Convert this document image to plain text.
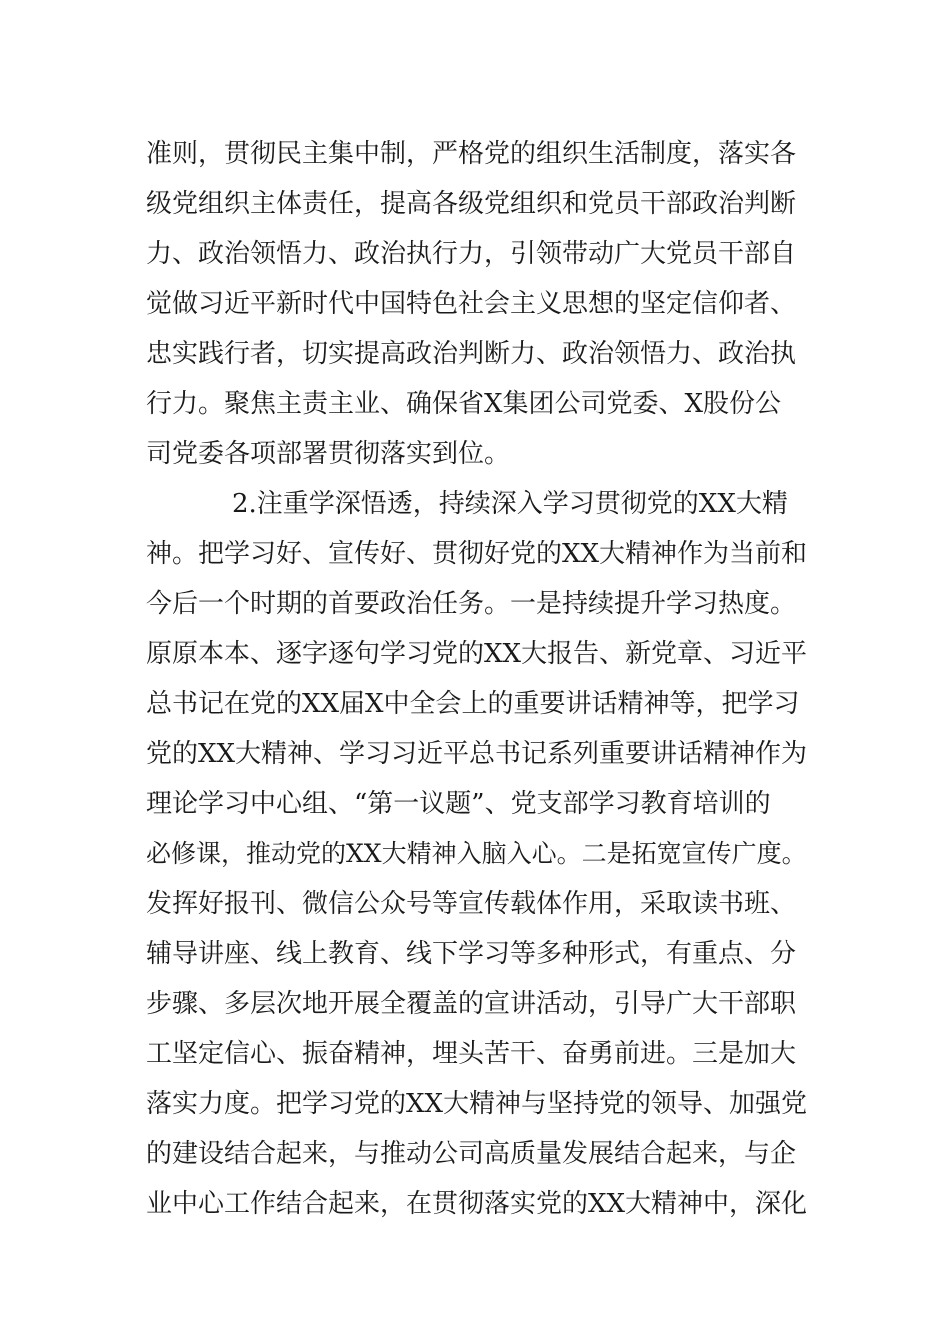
准则，贯彻民主集中制，严格党的组织生活制度，落实各

级党组织主体责任，提高各级党组织和党员干部政治判断

力、政治领悟力、政治执行力，引领带动广大党员干部自

觉做习近平新时代中国特色社会主义思想的坚定信仰者、

忠实践行者，切实提高政治判断力、政治领悟力、政治执

行力。聚焦主责主业、确保省X集团公司党委、X股份公

司党委各项部署贯彻落实到位。

2.注重学深悟透，持续深入学习贯彻党的XX大精

神。把学习好、宣传好、贯彻好党的XX大精神作为当前和

今后一个时期的首要政治任务。一是持续提升学习热度。

原原本本、逐字逐句学习党的XX大报告、新党章、习近平

总书记在党的XX届X中全会上的重要讲话精神等，把学习

党的XX大精神、学习习近平总书记系列重要讲话精神作为

理论学习中心组、“第一议题”、党支部学习教育培训的

必修课，推动党的XX大精神入脑入心。二是拓宽宣传广度。

发挥好报刊、微信公众号等宣传载体作用，采取读书班、

辅导讲座、线上教育、线下学习等多种形式，有重点、分

步骤、多层次地开展全覆盖的宣讲活动，引导广大干部职

工坚定信心、振奋精神，埋头苦干、奋勇前进。三是加大

落实力度。把学习党的XX大精神与坚持党的领导、加强党

的建设结合起来，与推动公司高质量发展结合起来，与企

业中心工作结合起来，在贯彻落实党的XX大精神中，深化
